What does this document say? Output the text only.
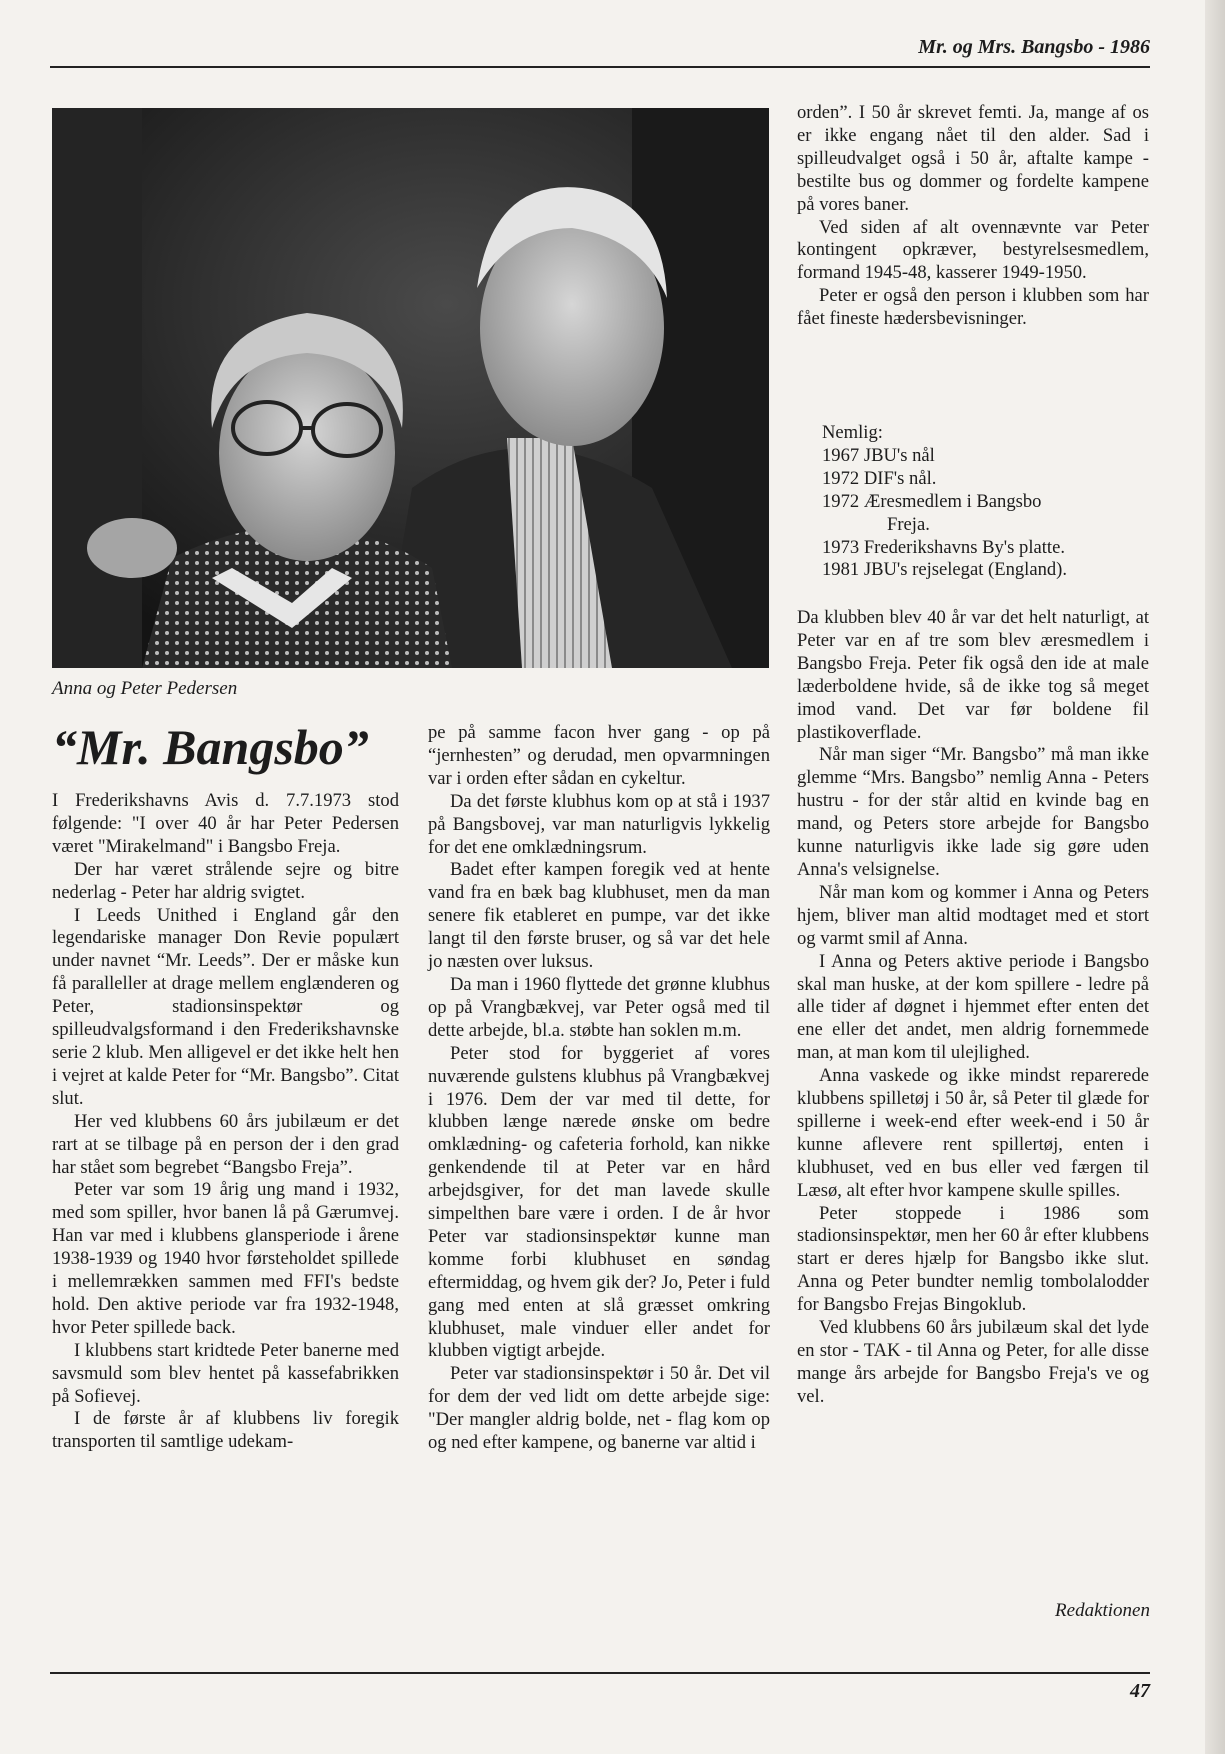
Mr. og Mrs. Bangsbo - 1986
Anna og Peter Pedersen
“Mr. Bangsbo”

I Frederikshavns Avis d. 7.7.1973 stod følgende: "I over 40 år har Peter Pedersen været "Mirakelmand" i Bangsbo Freja.

Der har været strålende sejre og bitre nederlag - Peter har aldrig svigtet.

I Leeds Unithed i England går den legendariske manager Don Revie populært under navnet “Mr. Leeds”. Der er måske kun få paralleller at drage mellem englænderen og Peter, stadionsinspektør og spilleudvalgsformand i den Frederikshavnske serie 2 klub. Men alligevel er det ikke helt hen i vejret at kalde Peter for “Mr. Bangsbo”. Citat slut.

Her ved klubbens 60 års jubilæum er det rart at se tilbage på en person der i den grad har stået som begrebet “Bangsbo Freja”.

Peter var som 19 årig ung mand i 1932, med som spiller, hvor banen lå på Gærumvej. Han var med i klubbens glansperiode i årene 1938-1939 og 1940 hvor førsteholdet spillede i mellemrækken sammen med FFI's bedste hold. Den aktive periode var fra 1932-1948, hvor Peter spillede back.

I klubbens start kridtede Peter banerne med savsmuld som blev hentet på kassefabrikken på Sofievej.

I de første år af klubbens liv foregik transporten til samtlige udekam-

pe på samme facon hver gang - op på “jernhesten” og derudad, men opvarmningen var i orden efter sådan en cykeltur.

Da det første klubhus kom op at stå i 1937 på Bangsbovej, var man naturligvis lykkelig for det ene omklædningsrum.

Badet efter kampen foregik ved at hente vand fra en bæk bag klubhuset, men da man senere fik etableret en pumpe, var det ikke langt til den første bruser, og så var det hele jo næsten over luksus.

Da man i 1960 flyttede det grønne klubhus op på Vrangbækvej, var Peter også med til dette arbejde, bl.a. støbte han soklen m.m.

Peter stod for byggeriet af vores nuværende gulstens klubhus på Vrangbækvej i 1976. Dem der var med til dette, for klubben længe nærede ønske om bedre omklædning- og cafeteria forhold, kan nikke genkendende til at Peter var en hård arbejdsgiver, for det man lavede skulle simpelthen bare være i orden. I de år hvor Peter var stadionsinspektør kunne man komme forbi klubhuset en søndag eftermiddag, og hvem gik der? Jo, Peter i fuld gang med enten at slå græsset omkring klubhuset, male vinduer eller andet for klubben vigtigt arbejde.

Peter var stadionsinspektør i 50 år. Det vil for dem der ved lidt om dette arbejde sige: "Der mangler aldrig bolde, net - flag kom op og ned efter kampene, og banerne var altid i

orden”. I 50 år skrevet femti. Ja, mange af os er ikke engang nået til den alder. Sad i spilleudvalget også i 50 år, aftalte kampe - bestilte bus og dommer og fordelte kampene på vores baner.

Ved siden af alt ovennævnte var Peter kontingent opkræver, bestyrelsesmedlem, formand 1945-48, kasserer 1949-1950.

Peter er også den person i klubben som har fået fineste hædersbevisninger.

Nemlig:
1967 JBU's nål
1972 DIF's nål.
1972 Æresmedlem i Bangsbo
Freja.
1973 Frederikshavns By's platte.
1981 JBU's rejselegat (England).

Da klubben blev 40 år var det helt naturligt, at Peter var en af tre som blev æresmedlem i Bangsbo Freja. Peter fik også den ide at male læderboldene hvide, så de ikke tog så meget imod vand. Det var før boldene fil plastikoverflade.

Når man siger “Mr. Bangsbo” må man ikke glemme “Mrs. Bangsbo” nemlig Anna - Peters hustru - for der står altid en kvinde bag en mand, og Peters store arbejde for Bangsbo kunne naturligvis ikke lade sig gøre uden Anna's velsignelse.

Når man kom og kommer i Anna og Peters hjem, bliver man altid modtaget med et stort og varmt smil af Anna.

I Anna og Peters aktive periode i Bangsbo skal man huske, at der kom spillere - ledre på alle tider af døgnet i hjemmet efter enten det ene eller det andet, men aldrig fornemmede man, at man kom til ulejlighed.

Anna vaskede og ikke mindst reparerede klubbens spilletøj i 50 år, så Peter til glæde for spillerne i week-end efter week-end i 50 år kunne aflevere rent spillertøj, enten i klubhuset, ved en bus eller ved færgen til Læsø, alt efter hvor kampene skulle spilles.

Peter stoppede i 1986 som stadionsinspektør, men her 60 år efter klubbens start er deres hjælp for Bangsbo ikke slut. Anna og Peter bundter nemlig tombolalodder for Bangsbo Frejas Bingoklub.

Ved klubbens 60 års jubilæum skal det lyde en stor - TAK - til Anna og Peter, for alle disse mange års arbejde for Bangsbo Freja's ve og vel.

Redaktionen
47
